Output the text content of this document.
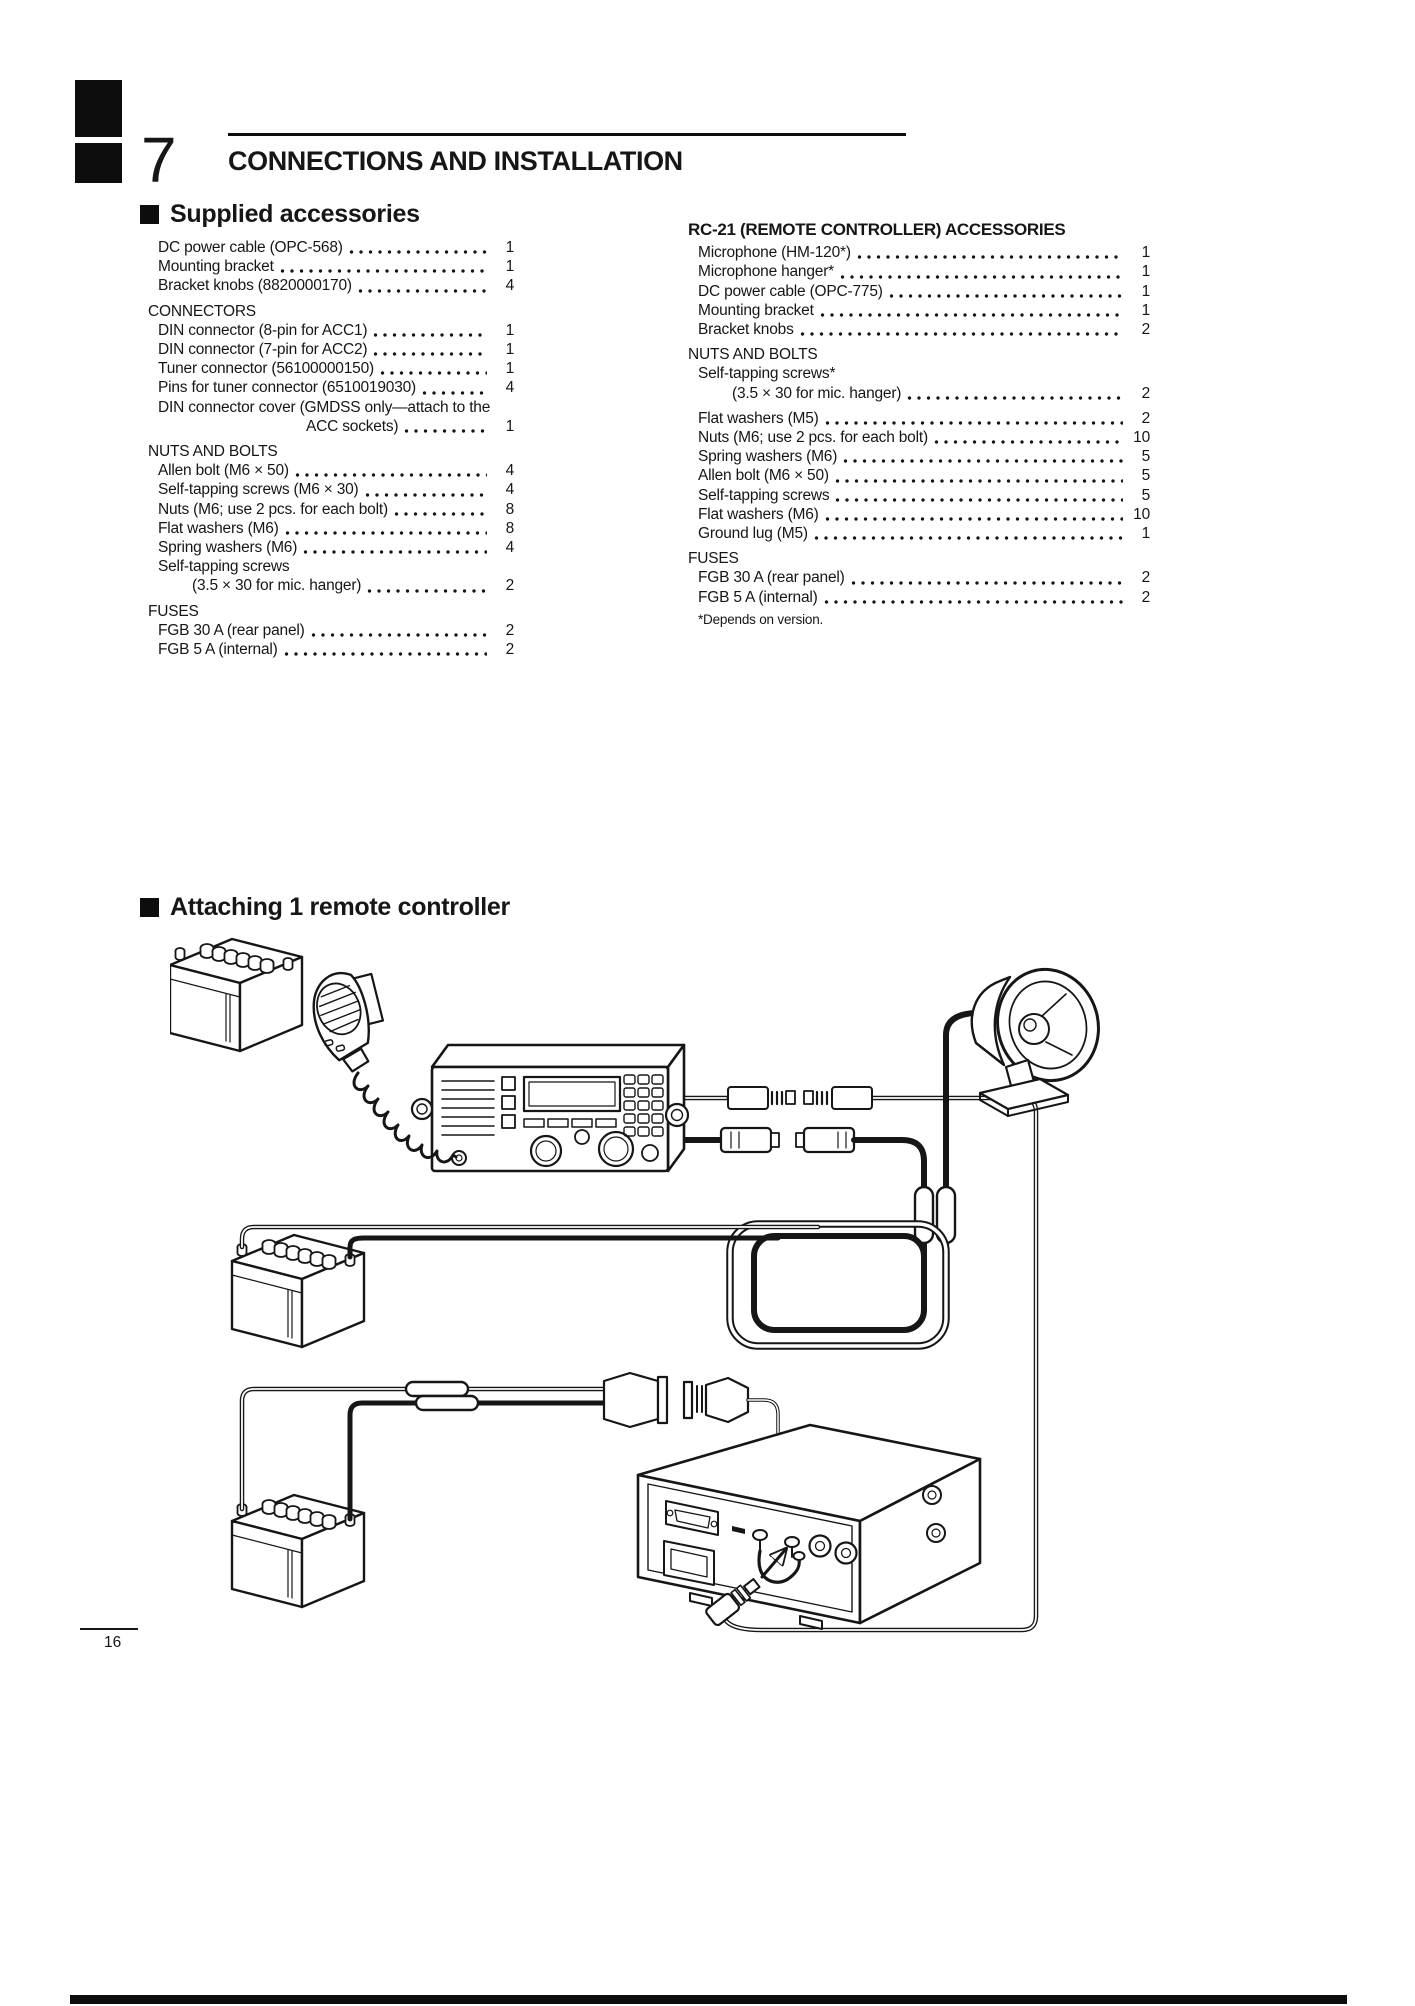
7 CONNECTIONS AND INSTALLATION
Supplied accessories
DC power cable (OPC-568)	1
Mounting bracket	1
Bracket knobs (8820000170)	4
CONNECTORS
DIN connector (8-pin for ACC1)	1
DIN connector (7-pin for ACC2)	1
Tuner connector (56100000150)	1
Pins for tuner connector (6510019030)	4
DIN connector cover (GMDSS only—attach to the
ACC sockets)	1
NUTS AND BOLTS
Allen bolt (M6 × 50)	4
Self-tapping screws (M6 × 30)	4
Nuts (M6; use 2 pcs. for each bolt)	8
Flat washers (M6)	8
Spring washers (M6)	4
Self-tapping screws
(3.5 × 30 for mic. hanger)	2
FUSES
FGB 30 A (rear panel)	2
FGB 5 A (internal)	2
RC-21 (REMOTE CONTROLLER) ACCESSORIES
Microphone (HM-120*)	1
Microphone hanger*	1
DC power cable (OPC-775)	1
Mounting bracket	1
Bracket knobs	2
NUTS AND BOLTS
Self-tapping screws*
(3.5 × 30 for mic. hanger)	2
Flat washers (M5)	2
Nuts (M6; use 2 pcs. for each bolt)	10
Spring washers (M6)	5
Allen bolt (M6 × 50)	5
Self-tapping screws	5
Flat washers (M6)	10
Ground lug (M5)	1
FUSES
FGB 30 A (rear panel)	2
FGB 5 A (internal)	2
*Depends on version.
Attaching 1 remote controller
16
